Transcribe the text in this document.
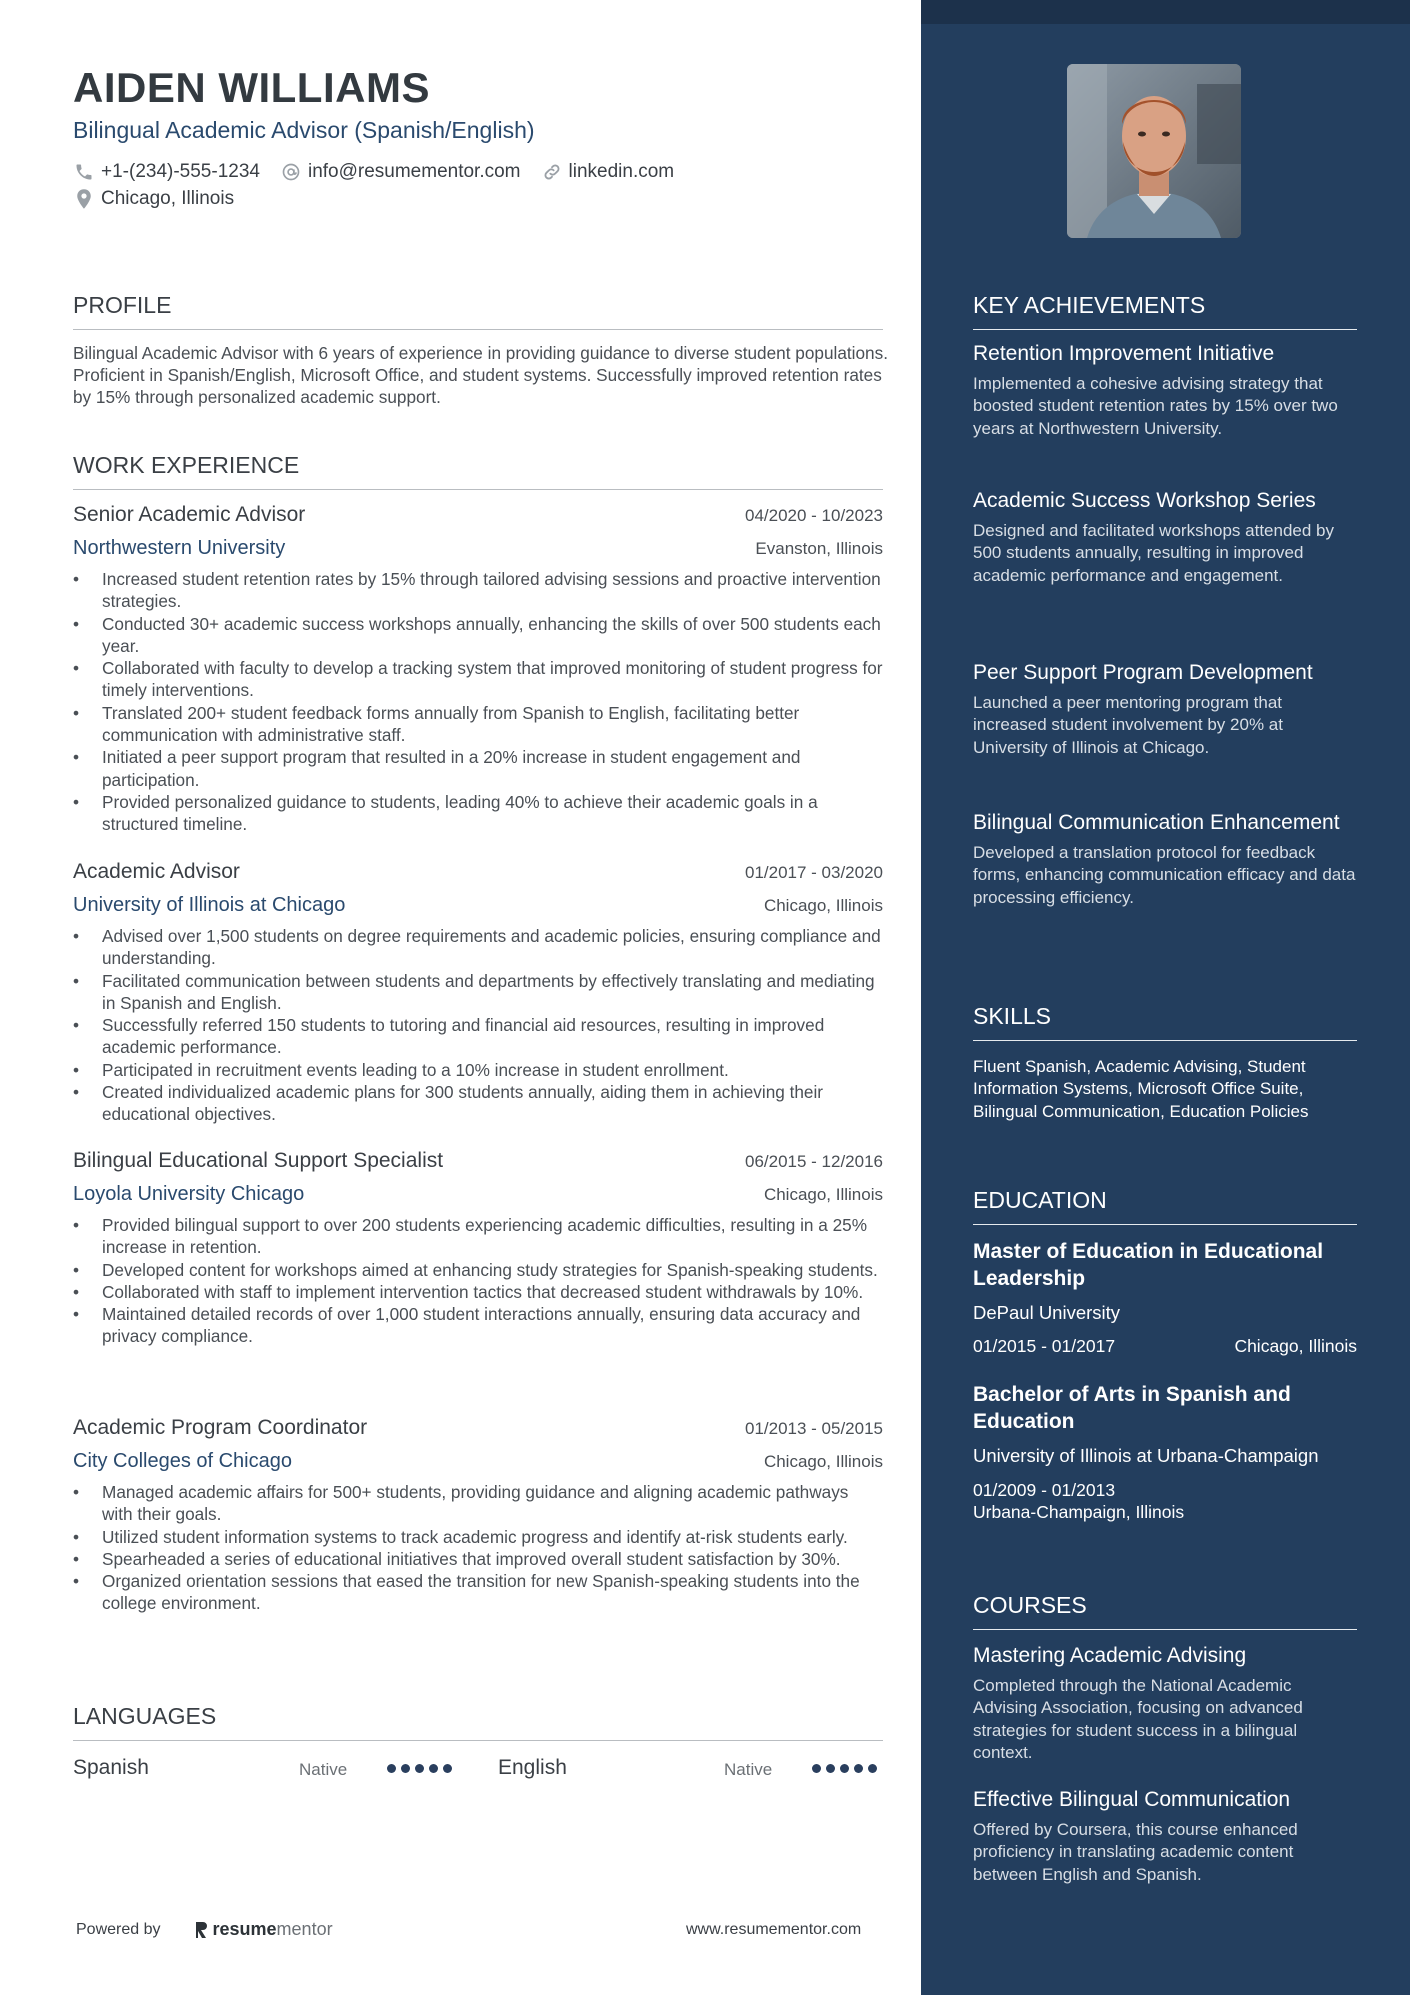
AIDEN WILLIAMS
Bilingual Academic Advisor (Spanish/English)
+1-(234)-555-1234	info@resumementor.com	linkedin.com
Chicago, Illinois
PROFILE
Bilingual Academic Advisor with 6 years of experience in providing guidance to diverse student populations. Proficient in Spanish/English, Microsoft Office, and student systems. Successfully improved retention rates by 15% through personalized academic support.
WORK EXPERIENCE
Senior Academic Advisor	04/2020 - 10/2023
Northwestern University	Evanston, Illinois
• Increased student retention rates by 15% through tailored advising sessions and proactive intervention strategies.
• Conducted 30+ academic success workshops annually, enhancing the skills of over 500 students each year.
• Collaborated with faculty to develop a tracking system that improved monitoring of student progress for timely interventions.
• Translated 200+ student feedback forms annually from Spanish to English, facilitating better communication with administrative staff.
• Initiated a peer support program that resulted in a 20% increase in student engagement and participation.
• Provided personalized guidance to students, leading 40% to achieve their academic goals in a structured timeline.
Academic Advisor	01/2017 - 03/2020
University of Illinois at Chicago	Chicago, Illinois
• Advised over 1,500 students on degree requirements and academic policies, ensuring compliance and understanding.
• Facilitated communication between students and departments by effectively translating and mediating in Spanish and English.
• Successfully referred 150 students to tutoring and financial aid resources, resulting in improved academic performance.
• Participated in recruitment events leading to a 10% increase in student enrollment.
• Created individualized academic plans for 300 students annually, aiding them in achieving their educational objectives.
Bilingual Educational Support Specialist	06/2015 - 12/2016
Loyola University Chicago	Chicago, Illinois
• Provided bilingual support to over 200 students experiencing academic difficulties, resulting in a 25% increase in retention.
• Developed content for workshops aimed at enhancing study strategies for Spanish-speaking students.
• Collaborated with staff to implement intervention tactics that decreased student withdrawals by 10%.
• Maintained detailed records of over 1,000 student interactions annually, ensuring data accuracy and privacy compliance.
Academic Program Coordinator	01/2013 - 05/2015
City Colleges of Chicago	Chicago, Illinois
• Managed academic affairs for 500+ students, providing guidance and aligning academic pathways with their goals.
• Utilized student information systems to track academic progress and identify at-risk students early.
• Spearheaded a series of educational initiatives that improved overall student satisfaction by 30%.
• Organized orientation sessions that eased the transition for new Spanish-speaking students into the college environment.
LANGUAGES
Spanish	Native	English	Native
Powered by	resume mentor	www.resumementor.com
KEY ACHIEVEMENTS
Retention Improvement Initiative
Implemented a cohesive advising strategy that boosted student retention rates by 15% over two years at Northwestern University.
Academic Success Workshop Series
Designed and facilitated workshops attended by 500 students annually, resulting in improved academic performance and engagement.
Peer Support Program Development
Launched a peer mentoring program that increased student involvement by 20% at University of Illinois at Chicago.
Bilingual Communication Enhancement
Developed a translation protocol for feedback forms, enhancing communication efficacy and data processing efficiency.
SKILLS
Fluent Spanish, Academic Advising, Student Information Systems, Microsoft Office Suite, Bilingual Communication, Education Policies
EDUCATION
Master of Education in Educational Leadership
DePaul University
01/2015 - 01/2017	Chicago, Illinois
Bachelor of Arts in Spanish and Education
University of Illinois at Urbana-Champaign
01/2009 - 01/2013
Urbana-Champaign, Illinois
COURSES
Mastering Academic Advising
Completed through the National Academic Advising Association, focusing on advanced strategies for student success in a bilingual context.
Effective Bilingual Communication
Offered by Coursera, this course enhanced proficiency in translating academic content between English and Spanish.
